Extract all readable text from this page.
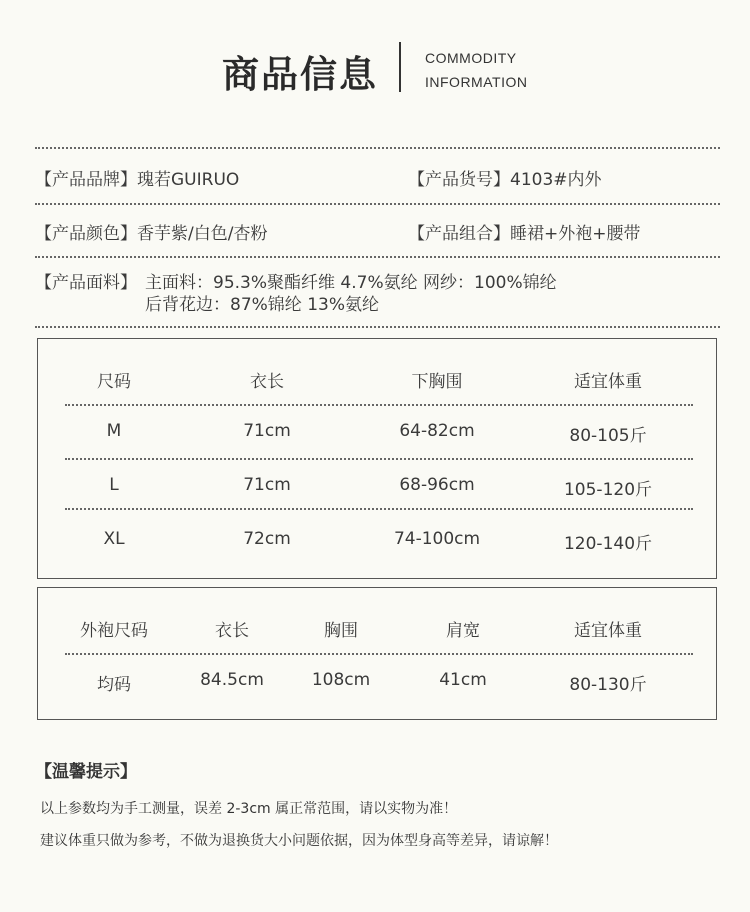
商品信息	COMMODITY
INFORMATION
【产品品牌】瑰若GUIRUO	【产品货号】4103#内外
【产品颜色】香芋紫/白色/杏粉	【产品组合】睡裙+外袍+腰带
【产品面料】 主面料：95.3%聚酯纤维 4.7%氨纶 网纱：100%锦纶
后背花边：87%锦纶 13%氨纶
尺码	衣长	下胸围	适宜体重
M	71cm	64-82cm	80-105斤
L	71cm	68-96cm	105-120斤
XL	72cm	74-100cm	120-140斤
外袍尺码	衣长	胸围	肩宽	适宜体重
均码	84.5cm	108cm	41cm	80-130斤
【温馨提示】
以上参数均为手工测量，误差 2-3cm 属正常范围，请以实物为准！
建议体重只做为参考，不做为退换货大小问题依据，因为体型身高等差异，请谅解！
